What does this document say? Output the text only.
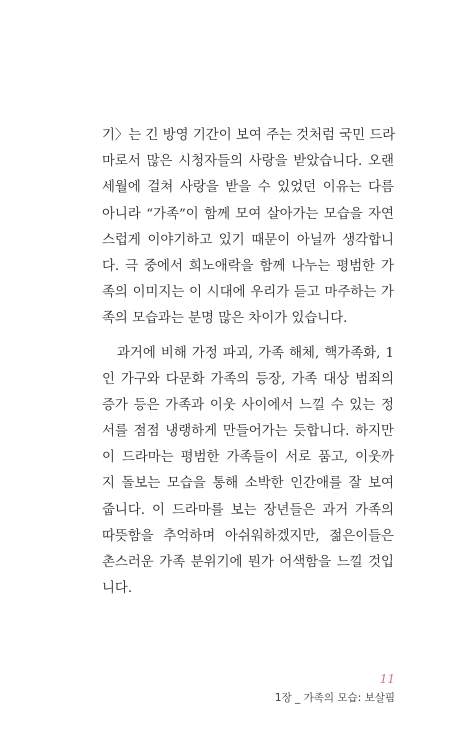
기〉는 긴 방영 기간이 보여 주는 것처럼 국민 드라
마로서 많은 시청자들의 사랑을 받았습니다. 오랜
세월에 걸쳐 사랑을 받을 수 있었던 이유는 다름
아니라 “가족”이 함께 모여 살아가는 모습을 자연
스럽게 이야기하고 있기 때문이 아닐까 생각합니
다. 극 중에서 희노애락을 함께 나누는 평범한 가
족의 이미지는 이 시대에 우리가 듣고 마주하는 가
족의 모습과는 분명 많은 차이가 있습니다.
과거에 비해 가정 파괴, 가족 해체, 핵가족화, 1
인 가구와 다문화 가족의 등장, 가족 대상 범죄의
증가 등은 가족과 이웃 사이에서 느낄 수 있는 정
서를 점점 냉랭하게 만들어가는 듯합니다. 하지만
이 드라마는 평범한 가족들이 서로 품고, 이웃까
지 돌보는 모습을 통해 소박한 인간애를 잘 보여
줍니다. 이 드라마를 보는 장년들은 과거 가족의
따뜻함을 추억하며 아쉬워하겠지만, 젊은이들은
촌스러운 가족 분위기에 뭔가 어색함을 느낄 것입
니다.
11
1장 _ 가족의 모습: 보살핌
